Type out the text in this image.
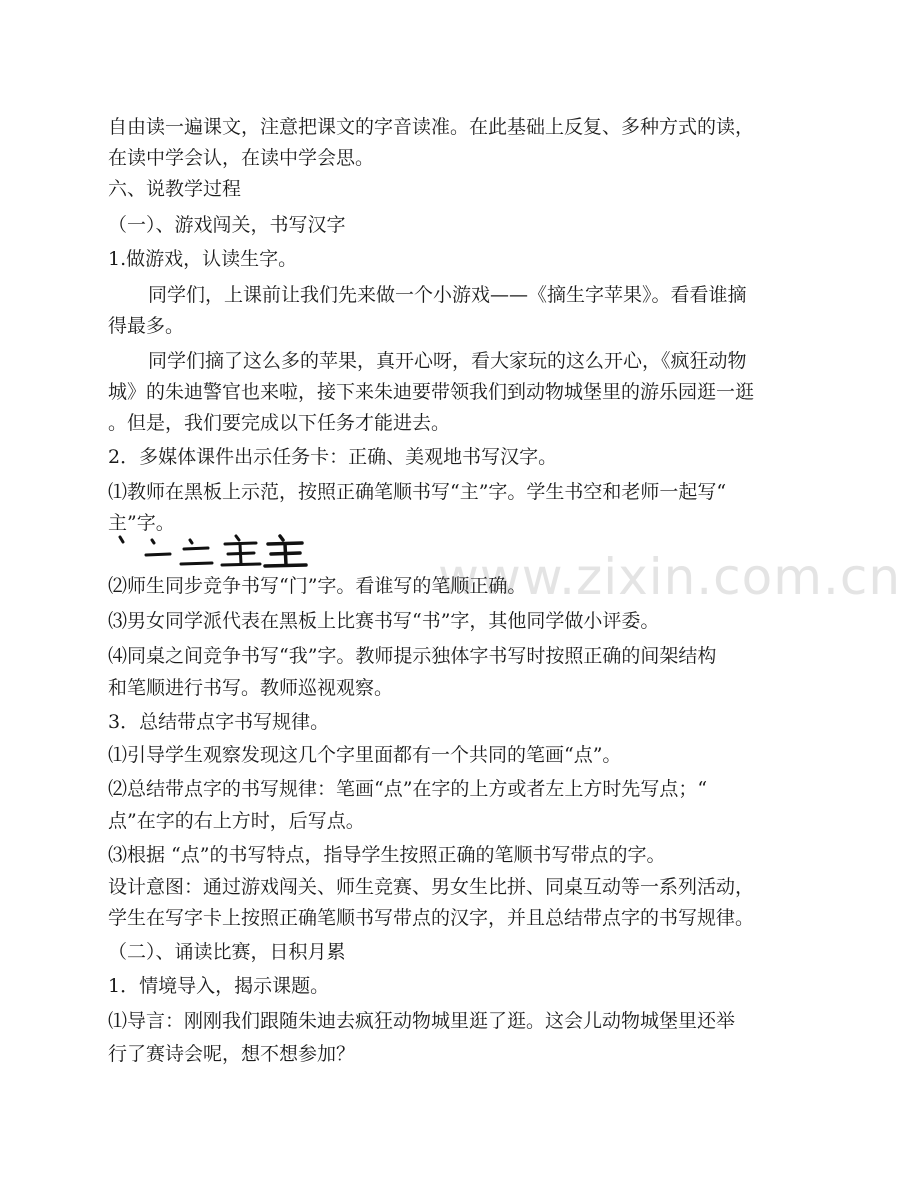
www.zixin.com.cn
自由读一遍课文，注意把课文的字音读准。在此基础上反复、多种方式的读，
在读中学会认，在读中学会思。
六、说教学过程
（一）、游戏闯关，书写汉字
1.做游戏，认读生字。
同学们，上课前让我们先来做一个小游戏——《摘生字苹果》。看看谁摘
得最多。
同学们摘了这么多的苹果，真开心呀，看大家玩的这么开心，《疯狂动物
城》的朱迪警官也来啦，接下来朱迪要带领我们到动物城堡里的游乐园逛一逛
。但是，我们要完成以下任务才能进去。
2．多媒体课件出示任务卡：正确、美观地书写汉字。
⑴教师在黑板上示范，按照正确笔顺书写“主”字。学生书空和老师一起写“
主”字。
⑵师生同步竞争书写“门”字。看谁写的笔顺正确。
⑶男女同学派代表在黑板上比赛书写“书”字，其他同学做小评委。
⑷同桌之间竞争书写“我”字。教师提示独体字书写时按照正确的间架结构
和笔顺进行书写。教师巡视观察。
3．总结带点字书写规律。
⑴引导学生观察发现这几个字里面都有一个共同的笔画“点”。
⑵总结带点字的书写规律：笔画“点”在字的上方或者左上方时先写点；“
点”在字的右上方时，后写点。
⑶根据 “点”的书写特点，指导学生按照正确的笔顺书写带点的字。
设计意图：通过游戏闯关、师生竞赛、男女生比拼、同桌互动等一系列活动，
学生在写字卡上按照正确笔顺书写带点的汉字，并且总结带点字的书写规律。
（二）、诵读比赛，日积月累
1．情境导入，揭示课题。
⑴导言：刚刚我们跟随朱迪去疯狂动物城里逛了逛。这会儿动物城堡里还举
行了赛诗会呢，想不想参加？
